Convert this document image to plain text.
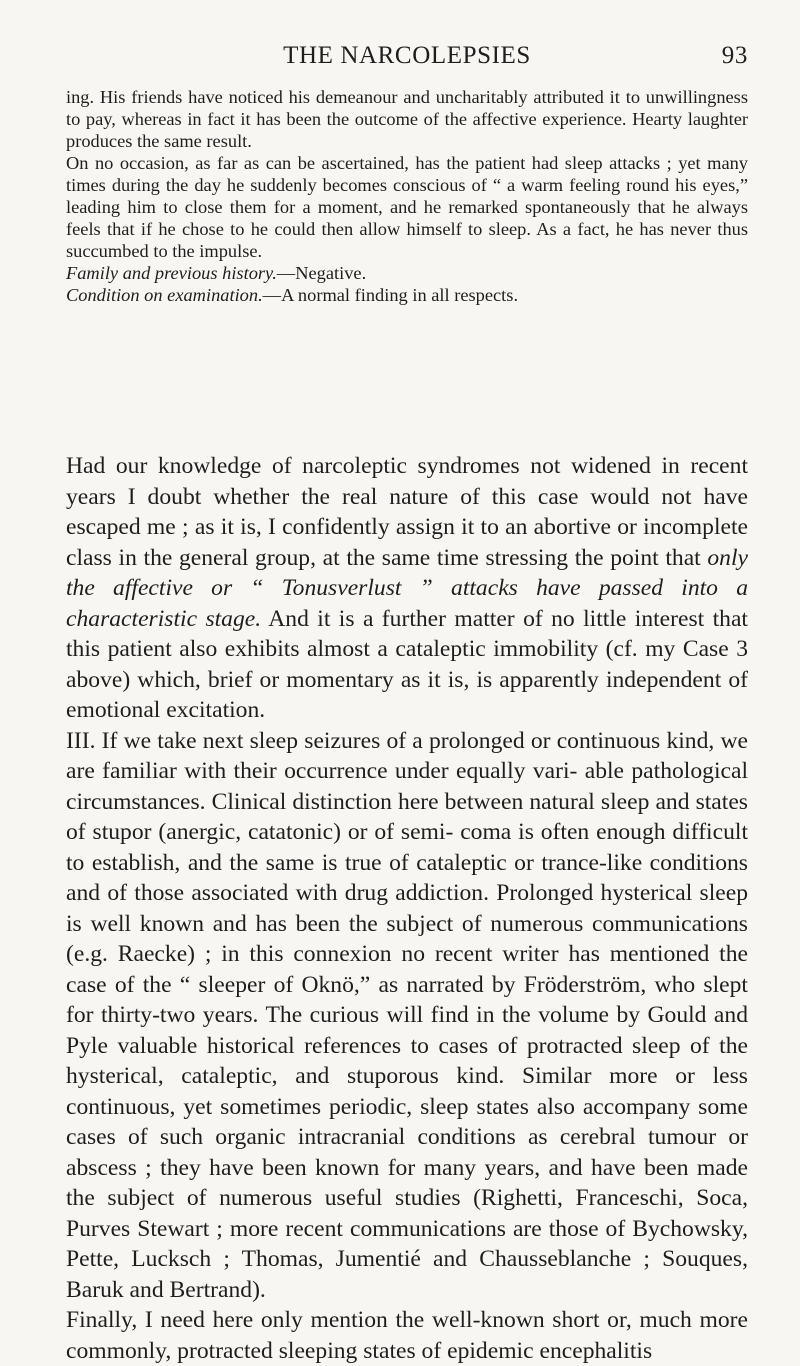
THE NARCOLEPSIES	93

ing. His friends have noticed his demeanour and uncharitably attributed it to unwillingness to pay, whereas in fact it has been the outcome of the affective experience. Hearty laughter produces the same result.

On no occasion, as far as can be ascertained, has the patient had sleep attacks ; yet many times during the day he suddenly becomes conscious of “ a warm feeling round his eyes,” leading him to close them for a moment, and he remarked spontaneously that he always feels that if he chose to he could then allow himself to sleep. As a fact, he has never thus succumbed to the impulse.

Family and previous history.—Negative.

Condition on examination.—A normal finding in all respects.

Had our knowledge of narcoleptic syndromes not widened in recent years I doubt whether the real nature of this case would not have escaped me ; as it is, I confidently assign it to an abortive or incomplete class in the general group, at the same time stressing the point that only the affective or “ Tonusverlust ” attacks have passed into a characteristic stage. And it is a further matter of no little interest that this patient also exhibits almost a cataleptic immobility (cf. my Case 3 above) which, brief or momentary as it is, is apparently independent of emotional excitation.

III. If we take next sleep seizures of a prolonged or continuous kind, we are familiar with their occurrence under equally vari- able pathological circumstances. Clinical distinction here between natural sleep and states of stupor (anergic, catatonic) or of semi- coma is often enough difficult to establish, and the same is true of cataleptic or trance-like conditions and of those associated with drug addiction. Prolonged hysterical sleep is well known and has been the subject of numerous communications (e.g. Raecke) ; in this connexion no recent writer has mentioned the case of the “ sleeper of Oknö,” as narrated by Fröderström, who slept for thirty-two years. The curious will find in the volume by Gould and Pyle valuable historical references to cases of protracted sleep of the hysterical, cataleptic, and stuporous kind. Similar more or less continuous, yet sometimes periodic, sleep states also accompany some cases of such organic intracranial conditions as cerebral tumour or abscess ; they have been known for many years, and have been made the subject of numerous useful studies (Righetti, Franceschi, Soca, Purves Stewart ; more recent communications are those of Bychowsky, Pette, Lucksch ; Thomas, Jumentié and Chausseblanche ; Souques, Baruk and Bertrand).

Finally, I need here only mention the well-known short or, much more commonly, protracted sleeping states of epidemic encephalitis
